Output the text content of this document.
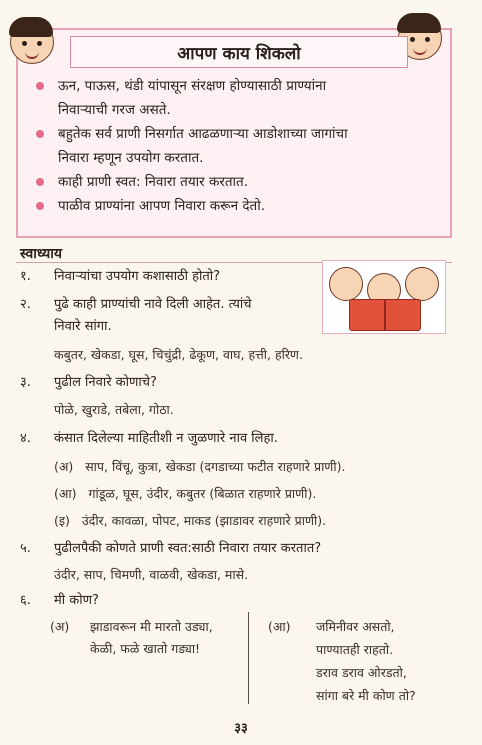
आपण काय शिकलो
ऊन, पाऊस, थंडी यांपासून संरक्षण होण्यासाठी प्राण्यांना
निवाऱ्याची गरज असते.
बहुतेक सर्व प्राणी निसर्गात आढळणाऱ्या आडोशाच्या जागांचा
निवारा म्हणून उपयोग करतात.
काही प्राणी स्वत: निवारा तयार करतात.
पाळीव प्राण्यांना आपण निवारा करून देतो.
स्वाध्याय
१.	निवाऱ्यांचा उपयोग कशासाठी होतो?
२.	पुढे काही प्राण्यांची नावे दिली आहेत. त्यांचे
निवारे सांगा.
कबुतर, खेकडा, घूस, चिचुंद्री, ढेकूण, वाघ, हत्ती, हरिण.
३.	पुढील निवारे कोणाचे?
पोळे, खुराडे, तबेला, गोठा.
४.	कंसात दिलेल्या माहितीशी न जुळणारे नाव लिहा.
(अ) साप, विंचू, कुत्रा, खेकडा (दगडाच्या फटीत राहणारे प्राणी).
(आ) गांडूळ, घूस, उंदीर, कबुतर (बिळात राहणारे प्राणी).
(इ) उंदीर, कावळा, पोपट, माकड (झाडावर राहणारे प्राणी).
५.	पुढीलपैकी कोणते प्राणी स्वत:साठी निवारा तयार करतात?
उंदीर, साप, चिमणी, वाळवी, खेकडा, मासे.
६.	मी कोण?
(अ) झाडावरून मी मारतो उड्या,
केळी, फळे खातो गड्या!
(आ) जमिनीवर असतो,
पाण्यातही राहतो.
डराव डराव ओरडतो,
सांगा बरे मी कोण तो?
३३
